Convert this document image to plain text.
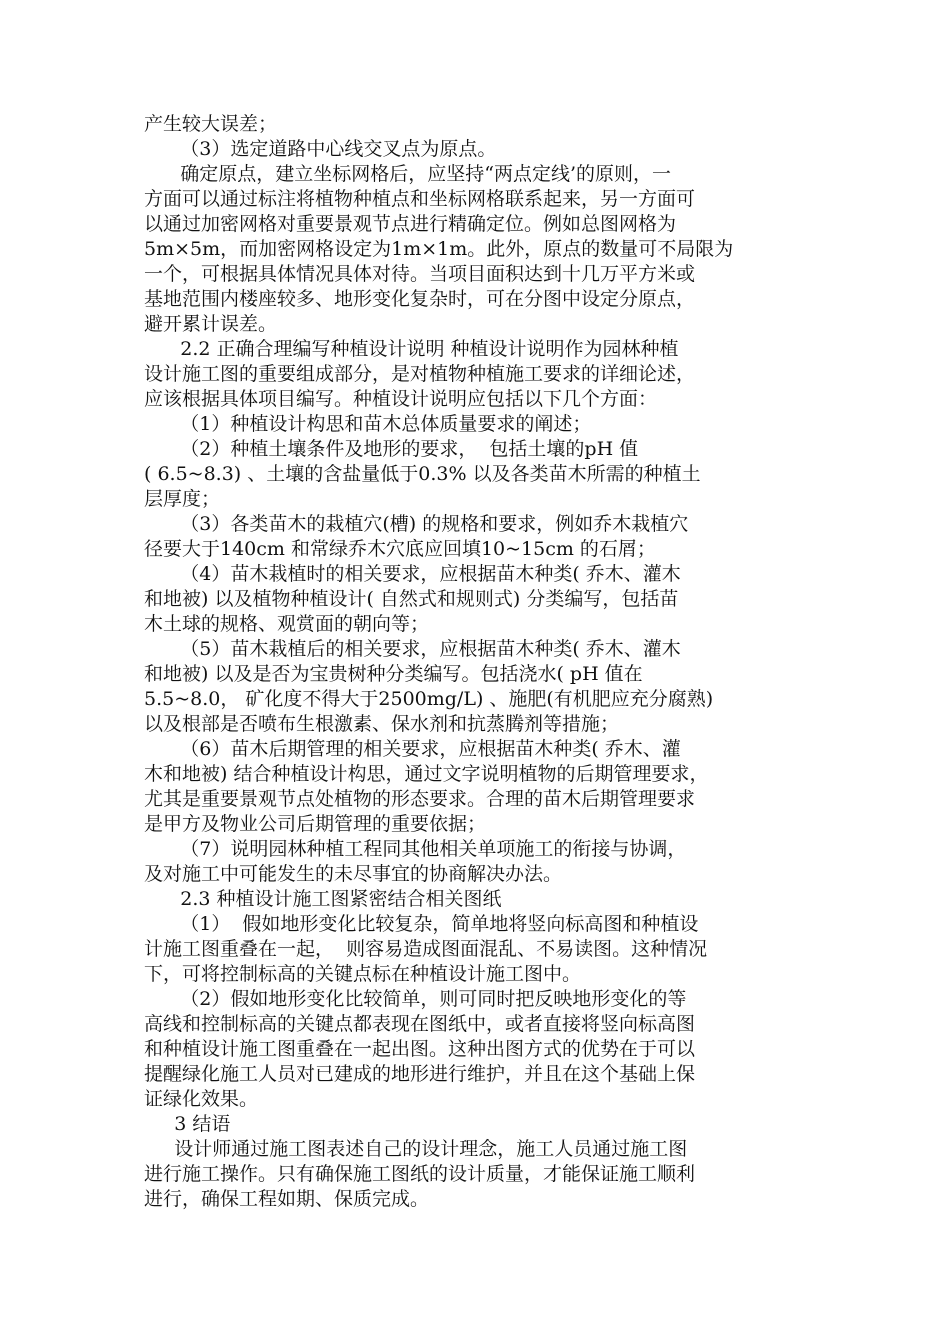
产生较大误差；
（3）选定道路中心线交叉点为原点。
确定原点，建立坐标网格后，应坚持“两点定线’的原则，一
方面可以通过标注将植物种植点和坐标网格联系起来，另一方面可
以通过加密网格对重要景观节点进行精确定位。例如总图网格为
5m×5m，而加密网格设定为1m×1m。此外，原点的数量可不局限为
一个，可根据具体情况具体对待。当项目面积达到十几万平方米或
基地范围内楼座较多、地形变化复杂时，可在分图中设定分原点，
避开累计误差。
2.2 正确合理编写种植设计说明 种植设计说明作为园林种植
设计施工图的重要组成部分，是对植物种植施工要求的详细论述，
应该根据具体项目编写。种植设计说明应包括以下几个方面：
（1）种植设计构思和苗木总体质量要求的阐述；
（2）种植土壤条件及地形的要求，  包括土壤的pH 值
( 6.5~8.3) 、土壤的含盐量低于0.3% 以及各类苗木所需的种植土
层厚度；
（3）各类苗木的栽植穴(槽) 的规格和要求，例如乔木栽植穴
径要大于140cm 和常绿乔木穴底应回填10~15cm 的石屑；
（4）苗木栽植时的相关要求，应根据苗木种类( 乔木、灌木
和地被) 以及植物种植设计( 自然式和规则式) 分类编写，包括苗
木土球的规格、观赏面的朝向等；
（5）苗木栽植后的相关要求，应根据苗木种类( 乔木、灌木
和地被) 以及是否为宝贵树种分类编写。包括浇水( pH 值在
5.5~8.0， 矿化度不得大于2500mg/L) 、施肥(有机肥应充分腐熟)
以及根部是否喷布生根激素、保水剂和抗蒸腾剂等措施；
（6）苗木后期管理的相关要求，应根据苗木种类( 乔木、灌
木和地被) 结合种植设计构思，通过文字说明植物的后期管理要求，
尤其是重要景观节点处植物的形态要求。合理的苗木后期管理要求
是甲方及物业公司后期管理的重要依据；
（7）说明园林种植工程同其他相关单项施工的衔接与协调，
及对施工中可能发生的未尽事宜的协商解决办法。
2.3 种植设计施工图紧密结合相关图纸
（1）  假如地形变化比较复杂，简单地将竖向标高图和种植设
计施工图重叠在一起，  则容易造成图面混乱、不易读图。这种情况
下，可将控制标高的关键点标在种植设计施工图中。
（2）假如地形变化比较简单，则可同时把反映地形变化的等
高线和控制标高的关键点都表现在图纸中，或者直接将竖向标高图
和种植设计施工图重叠在一起出图。这种出图方式的优势在于可以
提醒绿化施工人员对已建成的地形进行维护，并且在这个基础上保
证绿化效果。
3 结语
设计师通过施工图表述自己的设计理念，施工人员通过施工图
进行施工操作。只有确保施工图纸的设计质量，才能保证施工顺利
进行，确保工程如期、保质完成。
